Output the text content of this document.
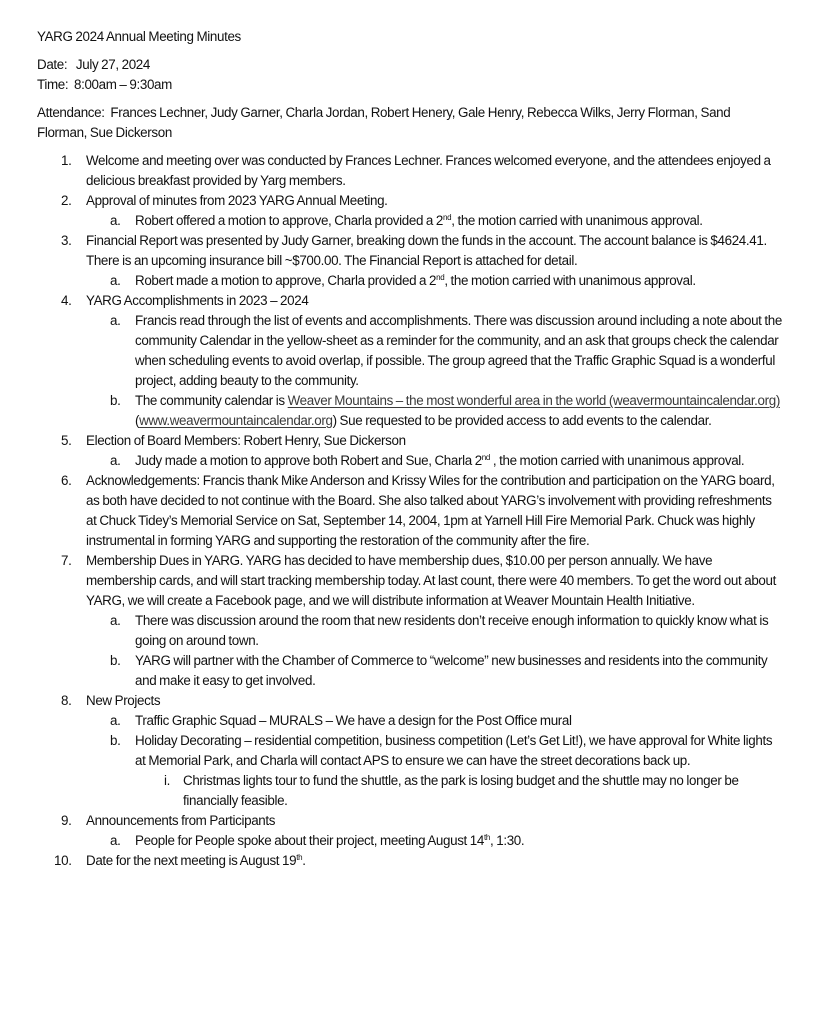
YARG 2024 Annual Meeting Minutes

Date: July 27, 2024

Time: 8:00am – 9:30am

Attendance: Frances Lechner, Judy Garner, Charla Jordan, Robert Henery, Gale Henry, Rebecca Wilks, Jerry Florman, Sand Florman, Sue Dickerson

1. Welcome and meeting over was conducted by Frances Lechner. Frances welcomed everyone, and the attendees enjoyed a delicious breakfast provided by Yarg members.
2. Approval of minutes from 2023 YARG Annual Meeting.
a. Robert offered a motion to approve, Charla provided a 2nd, the motion carried with unanimous approval.
3. Financial Report was presented by Judy Garner, breaking down the funds in the account. The account balance is $4624.41. There is an upcoming insurance bill ~$700.00. The Financial Report is attached for detail.
a. Robert made a motion to approve, Charla provided a 2nd, the motion carried with unanimous approval.
4. YARG Accomplishments in 2023 – 2024
a. Francis read through the list of events and accomplishments. There was discussion around including a note about the community Calendar in the yellow-sheet as a reminder for the community, and an ask that groups check the calendar when scheduling events to avoid overlap, if possible. The group agreed that the Traffic Graphic Squad is a wonderful project, adding beauty to the community.
b. The community calendar is Weaver Mountains – the most wonderful area in the world (weavermountaincalendar.org) (www.weavermountaincalendar.org) Sue requested to be provided access to add events to the calendar.
5. Election of Board Members: Robert Henry, Sue Dickerson
a. Judy made a motion to approve both Robert and Sue, Charla 2nd , the motion carried with unanimous approval.
6. Acknowledgements: Francis thank Mike Anderson and Krissy Wiles for the contribution and participation on the YARG board, as both have decided to not continue with the Board. She also talked about YARG’s involvement with providing refreshments at Chuck Tidey’s Memorial Service on Sat, September 14, 2004, 1pm at Yarnell Hill Fire Memorial Park. Chuck was highly instrumental in forming YARG and supporting the restoration of the community after the fire.
7. Membership Dues in YARG. YARG has decided to have membership dues, $10.00 per person annually. We have membership cards, and will start tracking membership today. At last count, there were 40 members. To get the word out about YARG, we will create a Facebook page, and we will distribute information at Weaver Mountain Health Initiative.
a. There was discussion around the room that new residents don’t receive enough information to quickly know what is going on around town.
b. YARG will partner with the Chamber of Commerce to “welcome” new businesses and residents into the community and make it easy to get involved.
8. New Projects
a. Traffic Graphic Squad – MURALS – We have a design for the Post Office mural
b. Holiday Decorating – residential competition, business competition (Let’s Get Lit!), we have approval for White lights at Memorial Park, and Charla will contact APS to ensure we can have the street decorations back up.
i. Christmas lights tour to fund the shuttle, as the park is losing budget and the shuttle may no longer be financially feasible.
9. Announcements from Participants
a. People for People spoke about their project, meeting August 14th, 1:30.
10. Date for the next meeting is August 19th.
